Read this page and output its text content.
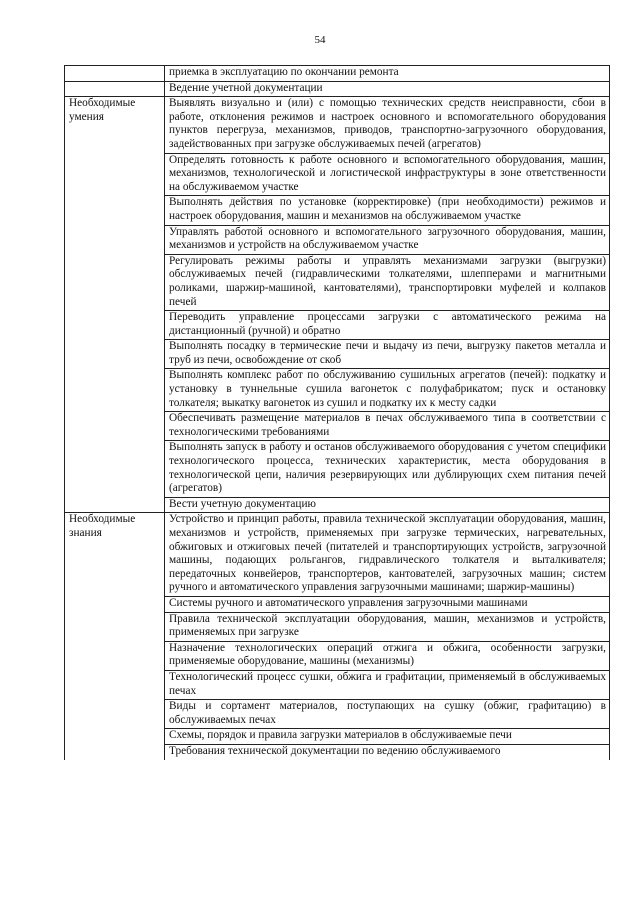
54
	приемка в эксплуатацию по окончании ремонта
	Ведение учетной документации
Необходимые умения	Выявлять визуально и (или) с помощью технических средств неисправности, сбои в работе, отклонения режимов и настроек основного и вспомогательного оборудования пунктов перегруза, механизмов, приводов, транспортно-загрузочного оборудования, задействованных при загрузке обслуживаемых печей (агрегатов)
	Определять готовность к работе основного и вспомогательного оборудования, машин, механизмов, технологической и логистической инфраструктуры в зоне ответственности на обслуживаемом участке
	Выполнять действия по установке (корректировке) (при необходимости) режимов и настроек оборудования, машин и механизмов на обслуживаемом участке
	Управлять работой основного и вспомогательного загрузочного оборудования, машин, механизмов и устройств на обслуживаемом участке
	Регулировать режимы работы и управлять механизмами загрузки (выгрузки) обслуживаемых печей (гидравлическими толкателями, шлепперами и магнитными роликами, шаржир-машиной, кантователями), транспортировки муфелей и колпаков печей
	Переводить управление процессами загрузки с автоматического режима на дистанционный (ручной) и обратно
	Выполнять посадку в термические печи и выдачу из печи, выгрузку пакетов металла и труб из печи, освобождение от скоб
	Выполнять комплекс работ по обслуживанию сушильных агрегатов (печей): подкатку и установку в туннельные сушила вагонеток с полуфабрикатом; пуск и остановку толкателя; выкатку вагонеток из сушил и подкатку их к месту садки
	Обеспечивать размещение материалов в печах обслуживаемого типа в соответствии с технологическими требованиями
	Выполнять запуск в работу и останов обслуживаемого оборудования с учетом специфики технологического процесса, технических характеристик, места оборудования в технологической цепи, наличия резервирующих или дублирующих схем питания печей (агрегатов)
	Вести учетную документацию
Необходимые знания	Устройство и принцип работы, правила технической эксплуатации оборудования, машин, механизмов и устройств, применяемых при загрузке термических, нагревательных, обжиговых и отжиговых печей (питателей и транспортирующих устройств, загрузочной машины, подающих рольгангов, гидравлического толкателя и выталкивателя; передаточных конвейеров, транспортеров, кантователей, загрузочных машин; систем ручного и автоматического управления загрузочными машинами; шаржир-машины)
	Системы ручного и автоматического управления загрузочными машинами
	Правила технической эксплуатации оборудования, машин, механизмов и устройств, применяемых при загрузке
	Назначение технологических операций отжига и обжига, особенности загрузки, применяемые оборудование, машины (механизмы)
	Технологический процесс сушки, обжига и графитации, применяемый в обслуживаемых печах
	Виды и сортамент материалов, поступающих на сушку (обжиг, графитацию) в обслуживаемых печах
	Схемы, порядок и правила загрузки материалов в обслуживаемые печи
	Требования технической документации по ведению обслуживаемого
